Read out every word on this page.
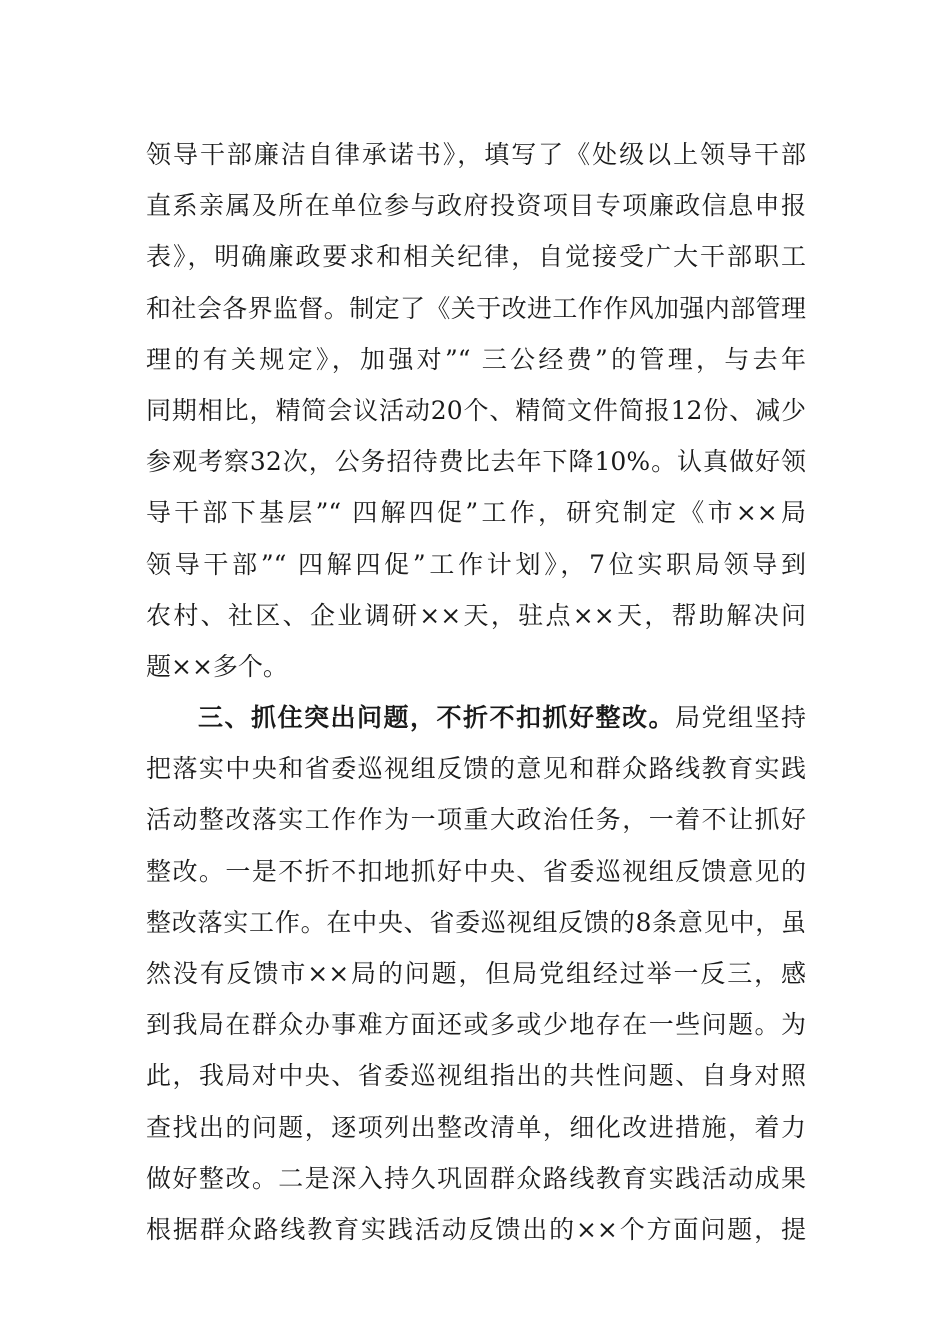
领导干部廉洁自律承诺书》，填写了《处级以上领导干部
直系亲属及所在单位参与政府投资项目专项廉政信息申报
表》，明确廉政要求和相关纪律，自觉接受广大干部职工
和社会各界监督。制定了《关于改进工作作风加强内部管理
理的有关规定》，加强对”“ 三公经费”的管理，与去年
同期相比，精简会议活动20个、精简文件简报12份、减少
参观考察32次，公务招待费比去年下降10%。认真做好领
导干部下基层”“ 四解四促”工作，研究制定《市××局
领导干部”“ 四解四促”工作计划》，7位实职局领导到
农村、社区、企业调研××天，驻点××天，帮助解决问
题××多个。
三、抓住突出问题，不折不扣抓好整改。局党组坚持
把落实中央和省委巡视组反馈的意见和群众路线教育实践
活动整改落实工作作为一项重大政治任务，一着不让抓好
整改。一是不折不扣地抓好中央、省委巡视组反馈意见的
整改落实工作。在中央、省委巡视组反馈的8条意见中，虽
然没有反馈市××局的问题，但局党组经过举一反三，感
到我局在群众办事难方面还或多或少地存在一些问题。为
此，我局对中央、省委巡视组指出的共性问题、自身对照
查找出的问题，逐项列出整改清单，细化改进措施，着力
做好整改。二是深入持久巩固群众路线教育实践活动成果
根据群众路线教育实践活动反馈出的××个方面问题，提
